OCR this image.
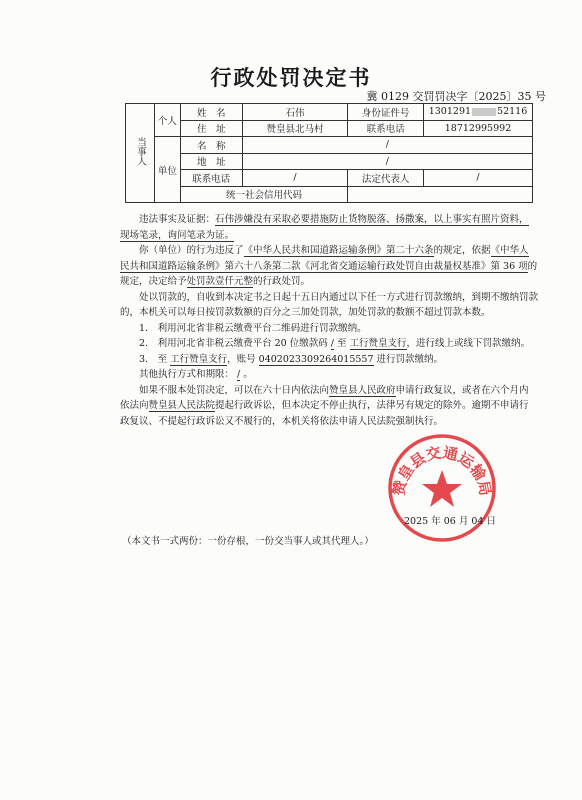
行政处罚决定书
冀 0129 交罚罚决字〔2025〕35 号
当事人	个人	姓　名	石伟	身份证件号	1301291 52116
		住　址	赞皇县北马村	联系电话	18712995992
	单位	名　称	/		
		地　址	/		
		联系电话	/	法定代表人	/
		统一社会信用代码			

违法事实及证据：石伟涉嫌没有采取必要措施防止货物脱落、扬撒案，以上事实有照片资料，现场笔录，询问笔录为证。

你（单位）的行为违反了《中华人民共和国道路运输条例》第二十六条的规定，依据《中华人民共和国道路运输条例》第六十八条第二款《河北省交通运输行政处罚自由裁量权基准》第 36 项的规定，决定给予处罚款壹仟元整的行政处罚。

处以罚款的，自收到本决定书之日起十五日内通过以下任一方式进行罚款缴纳，到期不缴纳罚款的，本机关可以每日按罚款数额的百分之三加处罚款，加处罚款的数额不超过罚款本数。

1.　利用河北省非税云缴费平台二维码进行罚款缴纳。

2.　利用河北省非税云缴费平台 20 位缴款码 / 至 工行赞皇支行，进行线上或线下罚款缴纳。

3.　至 工行赞皇支行，账号 0402023309264015557 进行罚款缴纳。

其他执行方式和期限： / 。

如果不服本处罚决定，可以在六十日内依法向赞皇县人民政府申请行政复议，或者在六个月内依法向赞皇县人民法院提起行政诉讼，但本决定不停止执行，法律另有规定的除外。逾期不申请行政复议、不提起行政诉讼又不履行的，本机关将依法申请人民法院强制执行。

赞皇县交通运输局
2025 年 06 月 04 日
（本文书一式两份：一份存根，一份交当事人或其代理人。）
